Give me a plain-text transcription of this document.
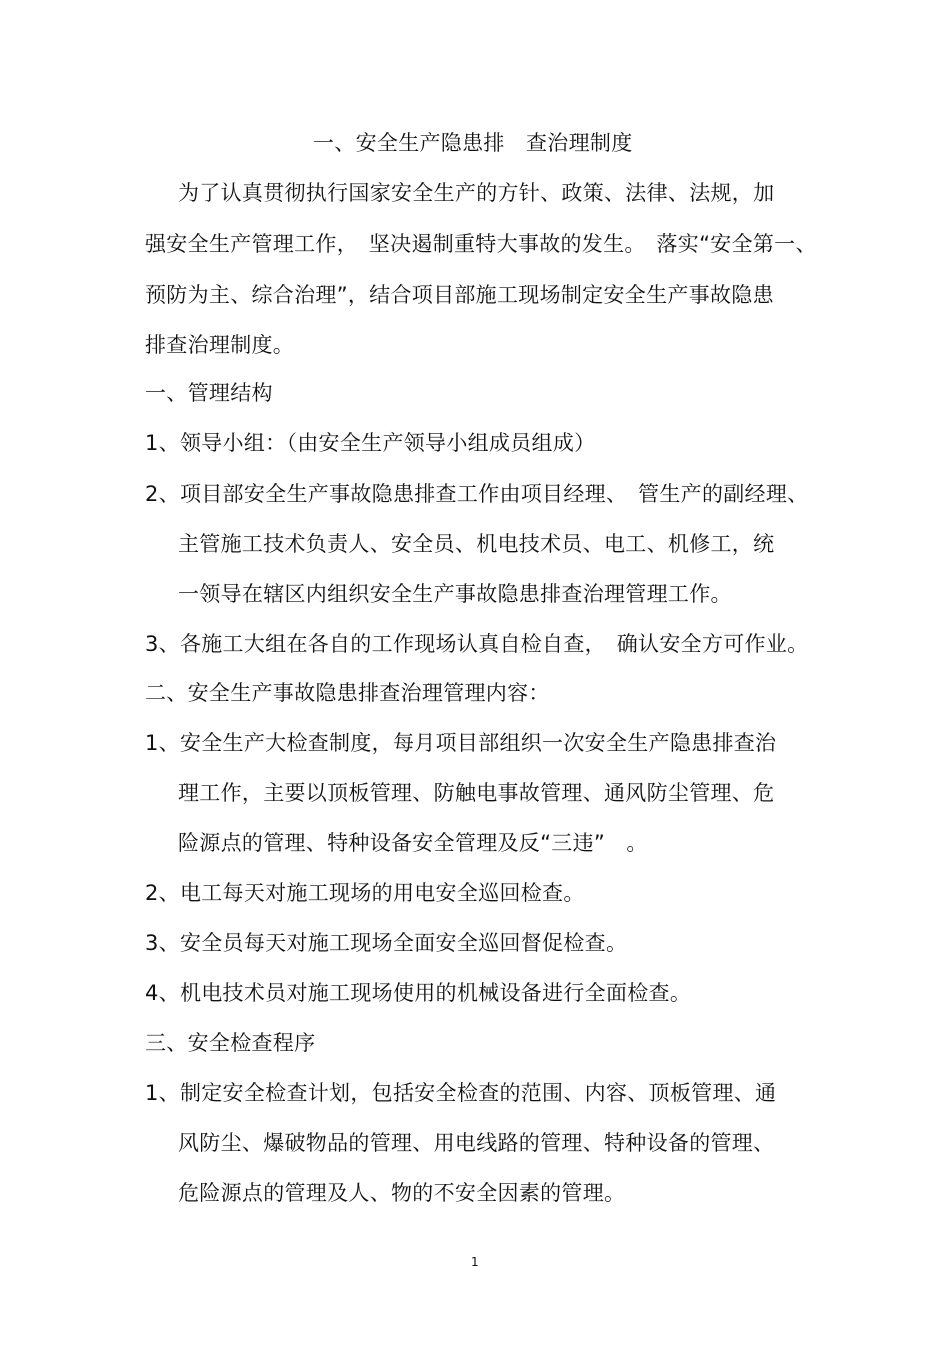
一、安全生产隐患排　查治理制度
为了认真贯彻执行国家安全生产的方针、政策、法律、法规，加
强安全生产管理工作，　坚决遏制重特大事故的发生。　落实“安全第一、
预防为主、综合治理”，结合项目部施工现场制定安全生产事故隐患
排查治理制度。
一、管理结构
1、领导小组：（由安全生产领导小组成员组成）
2、项目部安全生产事故隐患排查工作由项目经理、　管生产的副经理、
主管施工技术负责人、安全员、机电技术员、电工、机修工，统
一领导在辖区内组织安全生产事故隐患排查治理管理工作。
3、各施工大组在各自的工作现场认真自检自查，　确认安全方可作业。
二、安全生产事故隐患排查治理管理内容：
1、安全生产大检查制度，每月项目部组织一次安全生产隐患排查治
理工作，主要以顶板管理、防触电事故管理、通风防尘管理、危
险源点的管理、特种设备安全管理及反“三违”　。
2、电工每天对施工现场的用电安全巡回检查。
3、安全员每天对施工现场全面安全巡回督促检查。
4、机电技术员对施工现场使用的机械设备进行全面检查。
三、安全检查程序
1、制定安全检查计划，包括安全检查的范围、内容、顶板管理、通
风防尘、爆破物品的管理、用电线路的管理、特种设备的管理、
危险源点的管理及人、物的不安全因素的管理。
1
